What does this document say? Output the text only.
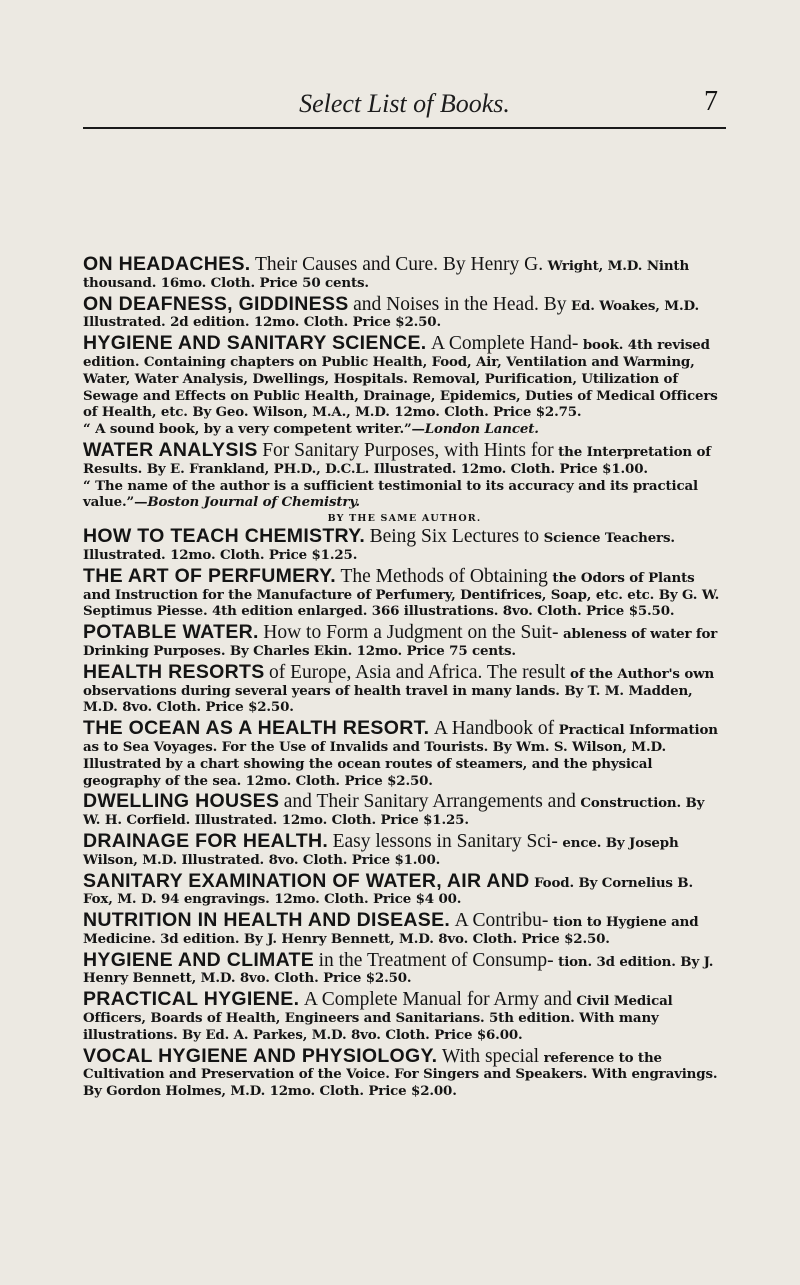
Select List of Books.	7

ON HEADACHES. Their Causes and Cure. By Henry G. Wright, M.D. Ninth thousand. 16mo. Cloth. Price 50 cents.

ON DEAFNESS, GIDDINESS and Noises in the Head. By Ed. Woakes, M.D. Illustrated. 2d edition. 12mo. Cloth. Price $2.50.

HYGIENE AND SANITARY SCIENCE. A Complete Hand- book. 4th revised edition. Containing chapters on Public Health, Food, Air, Ventilation and Warming, Water, Water Analysis, Dwellings, Hospitals. Removal, Purification, Utilization of Sewage and Effects on Public Health, Drainage, Epidemics, Duties of Medical Officers of Health, etc. By Geo. Wilson, M.A., M.D. 12mo. Cloth. Price $2.75.

“ A sound book, by a very competent writer.”—London Lancet.

WATER ANALYSIS For Sanitary Purposes, with Hints for the Interpretation of Results. By E. Frankland, PH.D., D.C.L. Illustrated. 12mo. Cloth. Price $1.00.

“ The name of the author is a sufficient testimonial to its accuracy and its practical value.”—Boston Journal of Chemistry.

BY THE SAME AUTHOR.

HOW TO TEACH CHEMISTRY. Being Six Lectures to Science Teachers. Illustrated. 12mo. Cloth. Price $1.25.

THE ART OF PERFUMERY. The Methods of Obtaining the Odors of Plants and Instruction for the Manufacture of Perfumery, Dentifrices, Soap, etc. etc. By G. W. Septimus Piesse. 4th edition enlarged. 366 illustrations. 8vo. Cloth. Price $5.50.

POTABLE WATER. How to Form a Judgment on the Suit- ableness of water for Drinking Purposes. By Charles Ekin. 12mo. Price 75 cents.

HEALTH RESORTS of Europe, Asia and Africa. The result of the Author's own observations during several years of health travel in many lands. By T. M. Madden, M.D. 8vo. Cloth. Price $2.50.

THE OCEAN AS A HEALTH RESORT. A Handbook of Practical Information as to Sea Voyages. For the Use of Invalids and Tourists. By Wm. S. Wilson, M.D. Illustrated by a chart showing the ocean routes of steamers, and the physical geography of the sea. 12mo. Cloth. Price $2.50.

DWELLING HOUSES and Their Sanitary Arrangements and Construction. By W. H. Corfield. Illustrated. 12mo. Cloth. Price $1.25.

DRAINAGE FOR HEALTH. Easy lessons in Sanitary Sci- ence. By Joseph Wilson, M.D. Illustrated. 8vo. Cloth. Price $1.00.

SANITARY EXAMINATION OF WATER, AIR AND Food. By Cornelius B. Fox, M. D. 94 engravings. 12mo. Cloth. Price $4 00.

NUTRITION IN HEALTH AND DISEASE. A Contribu- tion to Hygiene and Medicine. 3d edition. By J. Henry Bennett, M.D. 8vo. Cloth. Price $2.50.

HYGIENE AND CLIMATE in the Treatment of Consump- tion. 3d edition. By J. Henry Bennett, M.D. 8vo. Cloth. Price $2.50.

PRACTICAL HYGIENE. A Complete Manual for Army and Civil Medical Officers, Boards of Health, Engineers and Sanitarians. 5th edition. With many illustrations. By Ed. A. Parkes, M.D. 8vo. Cloth. Price $6.00.

VOCAL HYGIENE AND PHYSIOLOGY. With special reference to the Cultivation and Preservation of the Voice. For Singers and Speakers. With engravings. By Gordon Holmes, M.D. 12mo. Cloth. Price $2.00.
